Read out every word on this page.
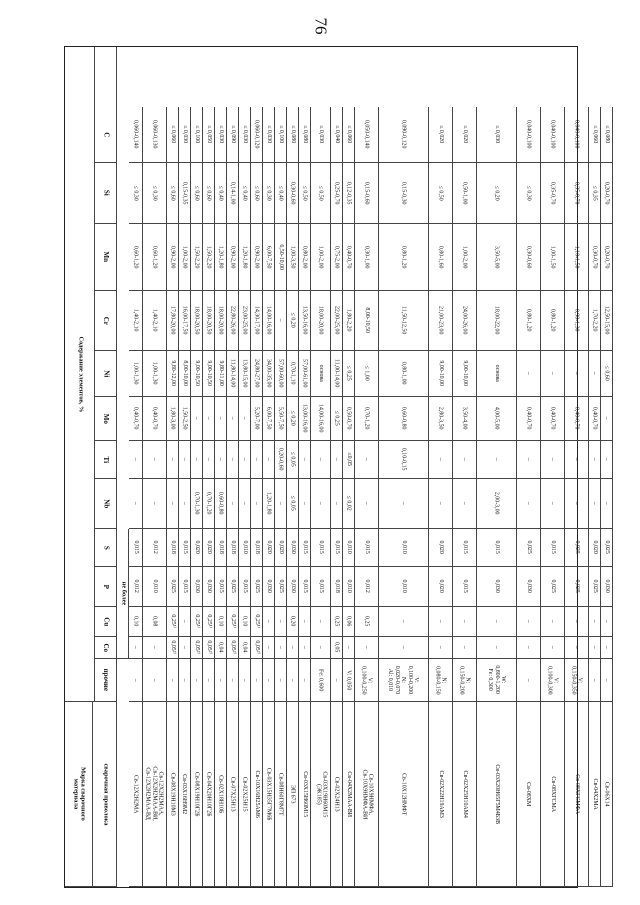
76
Марка сварочного
материала	сварочная проволока
Содержание элементов, %
C
Si
Mn
Cr
Ni
Mo
Ti
Nb
S
P
Cu
Co
прочие
не более
Св-12Х2Н2МА
0,060-0,140
≤ 0,30
0,60-1,20
1,40-2,10
1,00-1,30
0,40-0,70
–
–
0,015
0,012
0,10
–
–
Св-12Х2Н2МАА,
Св-12Х2Н2МАА-ВИ,
Св-12Х2Н2МАА-ВД
0,060-0,130
≤ 0,30
0,60-1,20
1,40-2,10
1,00-1,30
0,40-0,70
–
–
0,012
0,010
0,08
–
–
Св-08Х19Н10М3
≤ 0,060
≤ 0,60
0,90-2,00
17,80-20,00
9,80-12,00
1,80-3,00
–
–
0,018
0,025
0,25¹⁾
0,05²⁾
–
Св-03Х16Н9М2
≤ 0,030
0,15-0,35
1,00-2,00
16,00-17,50
8,00-10,00
1,50-2,50
–
–
0,015
0,015
–
–
–
Св-08Х19Н10Г2Б
≤ 0,100
≤ 0,60
1,50-2,20
18,00-20,50
9,00-10,50
–
–
0,70-1,30
0,020
0,030
0,25¹⁾
0,05²⁾
–
Св-04Х20Н10Г2Б
≤ 0,050
≤ 0,60
1,50-2,20
18,00-20,50
9,00-10,50
–
–
0,70-1,20
0,020
0,030
0,25¹⁾
0,05²⁾
–
Св-02Х18Н10Б
≤ 0,030
≤ 0,40
1,20-1,80
18,00-20,00
9,80-11,00
–
–
0,60-0,80
0,018
0,015
0,10
0,04
–
Св-07Х25Н13
≤ 0,090
0,14-1,00
0,90-2,00
22,80-26,00
11,80-14,00
–
–
–
0,018
0,025
0,25¹⁾
0,05²⁾
–
Св-02Х25Н15
≤ 0,030
≤ 0,40
1,20-1,80
23,00-25,00
13,80-15,00
–
–
–
0,010
0,015
0,10
0,04
–
Св-10Х16Н25АМ6
0,060-0,120
≤ 0,60
0,90-2,00
14,30-17,00
24,80-27,00
5,20-7,00
–
–
0,018
0,025
0,25¹⁾
0,05²⁾
–
Св-03Х15Н35Г7М6Б
≤ 0,030
≤ 0,30
6,00-7,50
14,00-16,00
34,00-35,00
6,00-7,50
–
1,20-1,80
0,020
0,030
–
–
–
Св-08Н60Г8М7Т
≤ 0,100
≤ 0,40
6,50-10,00
–
57,00-60,00
5,50-7,50
0,20-0,60
–
0,020
0,025
–
–
–
ЭП 673
≤ 0,080
0,30-0,60
1,00-3,50
≤ 0,20
0,70-1,10
≤ 0,20
≤ 0,05
≤ 0,05
0,030
0,030
0,20
–
–
Св-03Х15Н60М15
≤ 0,080
≤ 0,50
0,80-2,00
13,50-16,00
57,00-61,00
13,00-16,00
–
–
0,015
0,015
–
–
–
Св-03Х19Н60М15
(ЭК185)
≤ 0,030
≤ 0,50
1,00-2,00
18,00-20,00
основа
14,00-16,00
–
–
0,015
0,015
–
–
Fe: 0,600
Св-02Х24Н13
≤ 0,040
0,25-0,70
0,75-2,00
22,00-25,00
11,00-14,00
≤ 0,25
–
–
0,015
0,018
0,25
0,05
–
Св-04Х2МАА-ВИ
≤ 0,060
0,12-0,35
0,40-0,70
1,80-2,20
≤ 0,25
0,50-0,70
≤0,05
≤ 0,02
0,010
0,010
0,06
–
V: 0,050
Св-10Х9НМФА,
Св-10Х9НМФА-ВИ
0,050-0,140
0,15-0,60
0,30-1,00
8,00-10,50
≤ 1,00
0,70-1,20
–
–
0,015
0,012
0,25
–
V:
0,100-0,250
Св-10Х12НМФТ
0,090-0,120
0,15-0,30
0,80-1,20
11,50-12,50
0,80-1,00
0,60-0,80
0,10-0,15
–
0,010
0,010
–
–
V:
0,100-0,200
N:
0,020-0,070
Al: 0,010
Св-02Х22Н19АМ3
≤ 0,020
≤ 0,50
0,80-1,60
21,00-23,00
9,00-10,00
2,80-3,50
–
–
0,020
0,020
–
–
N:
0,080-0,150
Св-02Х25Н10АМ4
≤ 0,020
0,50-1,00
1,00-2,00
24,00-26,00
9,00-10,00
3,50-4,00
–
–
0,015
0,015
–
–
N:
0,150-0,200
Св-03Х20Н65Г5М4Б3В
≤ 0,030
≤ 0,20
3,50-5,00
18,00-22,00
основа
4,00-5,00
–
2,00-3,00
0,015
0,030
–
–
W:
0,800-1,200
Fe: 0,300
Св-08ХМ
0,040-0,100
≤ 0,30
0,30-0,60
0,80-1,20
–
0,40-0,70
–
–
0,025
0,030
–
–
–
Св-08ХГСМА
0,040-0,100
0,35-0,70
1,00-1,50
0,80-1,20
–
0,40-0,70
–
–
0,015
0,025
–
–
V:
0,100-0,300
Св-08ХГСМФА
0,040-0,100
0,35-0,70
1,10-1,50
0,90-1,30
–
0,40-0,70
–
–
0,025
0,025
–
–
V:
0,150-0,350
Св-04Х2МА
≤ 0,060
≤ 0,35
0,30-0,70
1,70-2,20
–
0,40-0,70
–
–
0,020
0,025
–
–
–
Св-06Х14
≤ 0,080
0,20-0,70
0,20-0,70
12,50-15,00
≤ 0,60
–
–
–
0,025
0,030
–
–
–
